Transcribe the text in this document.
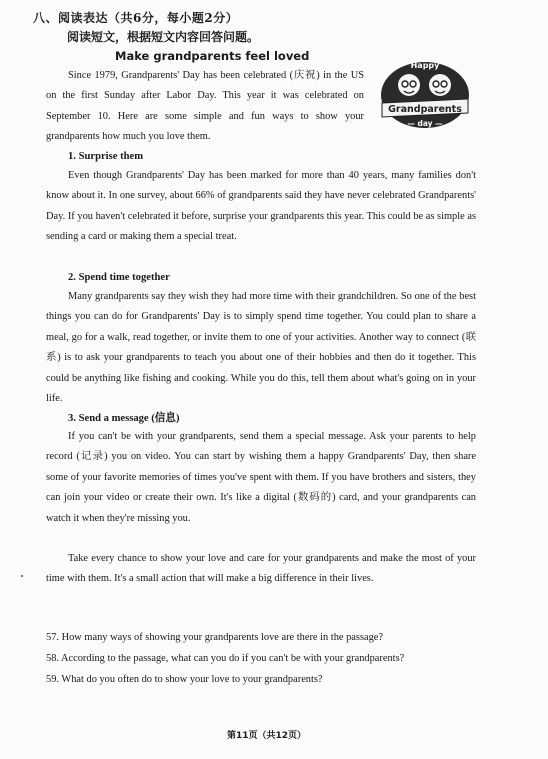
八、阅读表达（共6分，每小题2分）
阅读短文，根据短文内容回答问题。
Make grandparents feel loved
Happy
Grandparents
— day —
Since 1979, Grandparents' Day has been celebrated (庆祝) in the US on the first Sunday after Labor Day. This year it was celebrated on September 10. Here are some simple and fun ways to show your grandparents how much you love them.
1. Surprise them
Even though Grandparents' Day has been marked for more than 40 years, many families don't know about it. In one survey, about 66% of grandparents said they have never celebrated Grandparents' Day. If you haven't celebrated it before, surprise your grandparents this year. This could be as simple as sending a card or making them a special treat.
2. Spend time together
Many grandparents say they wish they had more time with their grandchildren. So one of the best things you can do for Grandparents' Day is to simply spend time together. You could plan to share a meal, go for a walk, read together, or invite them to one of your activities. Another way to connect (联系) is to ask your grandparents to teach you about one of their hobbies and then do it together. This could be anything like fishing and cooking. While you do this, tell them about what's going on in your life.
3. Send a message (信息)
If you can't be with your grandparents, send them a special message. Ask your parents to help record (记录) you on video. You can start by wishing them a happy Grandparents' Day, then share some of your favorite memories of times you've spent with them. If you have brothers and sisters, they can join your video or create their own. It's like a digital (数码的) card, and your grandparents can watch it when they're missing you.
Take every chance to show your love and care for your grandparents and make the most of your time with them. It's a small action that will make a big difference in their lives.
57. How many ways of showing your grandparents love are there in the passage?
58. According to the passage, what can you do if you can't be with your grandparents?
59. What do you often do to show your love to your grandparents?
第11页（共12页）
